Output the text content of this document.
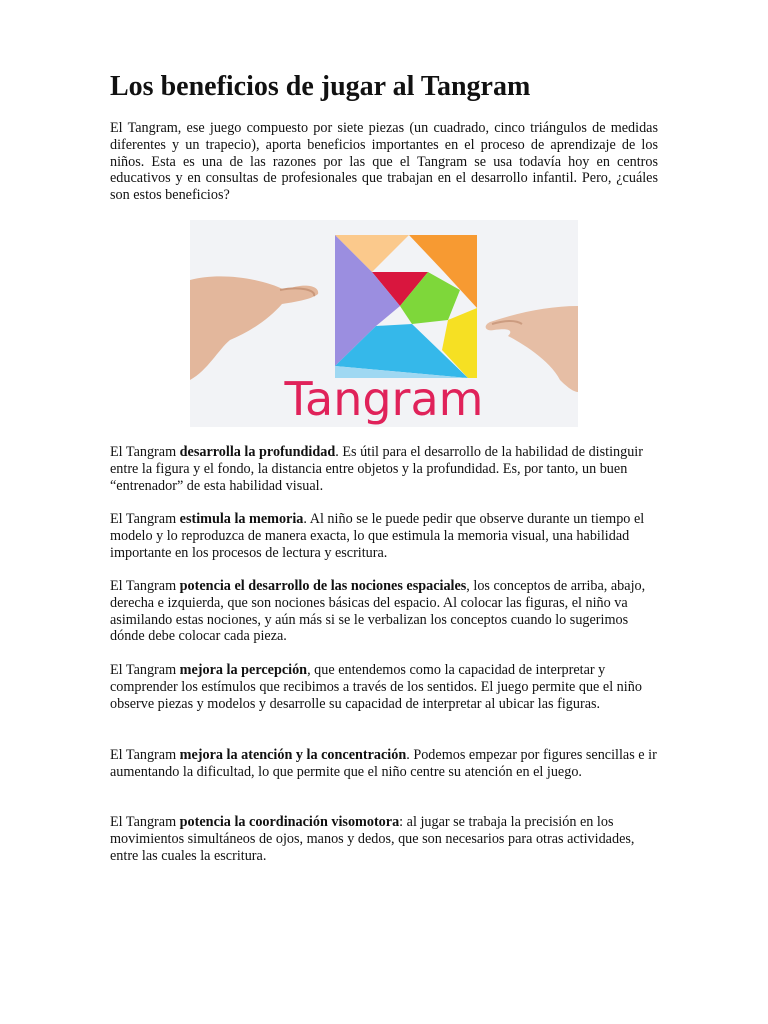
Los beneficios de jugar al Tangram

El Tangram, ese juego compuesto por siete piezas (un cuadrado, cinco triángulos de medidas diferentes y un trapecio), aporta beneficios importantes en el proceso de aprendizaje de los niños. Esta es una de las razones por las que el Tangram se usa todavía hoy en centros educativos y en consultas de profesionales que trabajan en el desarrollo infantil. Pero, ¿cuáles son estos beneficios?

Tangram

El Tangram desarrolla la profundidad. Es útil para el desarrollo de la habilidad de distinguir entre la figura y el fondo, la distancia entre objetos y la profundidad. Es, por tanto, un buen “entrenador” de esta habilidad visual.

El Tangram estimula la memoria. Al niño se le puede pedir que observe durante un tiempo el modelo y lo reproduzca de manera exacta, lo que estimula la memoria visual, una habilidad importante en los procesos de lectura y escritura.

El Tangram potencia el desarrollo de las nociones espaciales, los conceptos de arriba, abajo, derecha e izquierda, que son nociones básicas del espacio. Al colocar las figuras, el niño va asimilando estas nociones, y aún más si se le verbalizan los conceptos cuando lo sugerimos dónde debe colocar cada pieza.

El Tangram mejora la percepción, que entendemos como la capacidad de interpretar y comprender los estímulos que recibimos a través de los sentidos. El juego permite que el niño observe piezas y modelos y desarrolle su capacidad de interpretar al ubicar las figuras.

El Tangram mejora la atención y la concentración. Podemos empezar por figures sencillas e ir aumentando la dificultad, lo que permite que el niño centre su atención en el juego.

El Tangram potencia la coordinación visomotora: al jugar se trabaja la precisión en los movimientos simultáneos de ojos, manos y dedos, que son necesarios para otras actividades, entre las cuales la escritura.
